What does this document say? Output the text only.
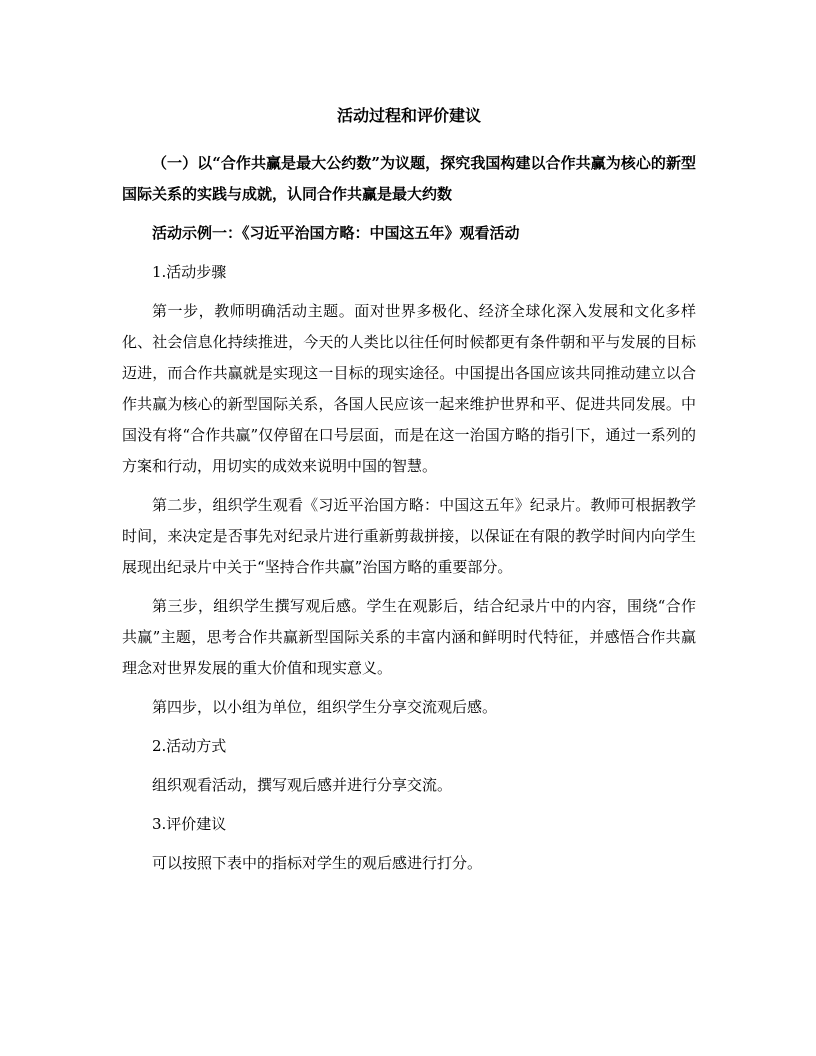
活动过程和评价建议
（一）以“合作共赢是最大公约数”为议题，探究我国构建以合作共赢为核心的新型国际关系的实践与成就，认同合作共赢是最大约数
活动示例一：《习近平治国方略：中国这五年》观看活动
1.活动步骤
第一步，教师明确活动主题。面对世界多极化、经济全球化深入发展和文化多样化、社会信息化持续推进，今天的人类比以往任何时候都更有条件朝和平与发展的目标迈进，而合作共赢就是实现这一目标的现实途径。中国提出各国应该共同推动建立以合作共赢为核心的新型国际关系，各国人民应该一起来维护世界和平、促进共同发展。中国没有将“合作共赢”仅停留在口号层面，而是在这一治国方略的指引下，通过一系列的方案和行动，用切实的成效来说明中国的智慧。
第二步，组织学生观看《习近平治国方略：中国这五年》纪录片。教师可根据教学时间，来决定是否事先对纪录片进行重新剪裁拼接，以保证在有限的教学时间内向学生展现出纪录片中关于“坚持合作共赢”治国方略的重要部分。
第三步，组织学生撰写观后感。学生在观影后，结合纪录片中的内容，围绕“合作共赢”主题，思考合作共赢新型国际关系的丰富内涵和鲜明时代特征，并感悟合作共赢理念对世界发展的重大价值和现实意义。
第四步，以小组为单位，组织学生分享交流观后感。
2.活动方式
组织观看活动，撰写观后感并进行分享交流。
3.评价建议
可以按照下表中的指标对学生的观后感进行打分。
